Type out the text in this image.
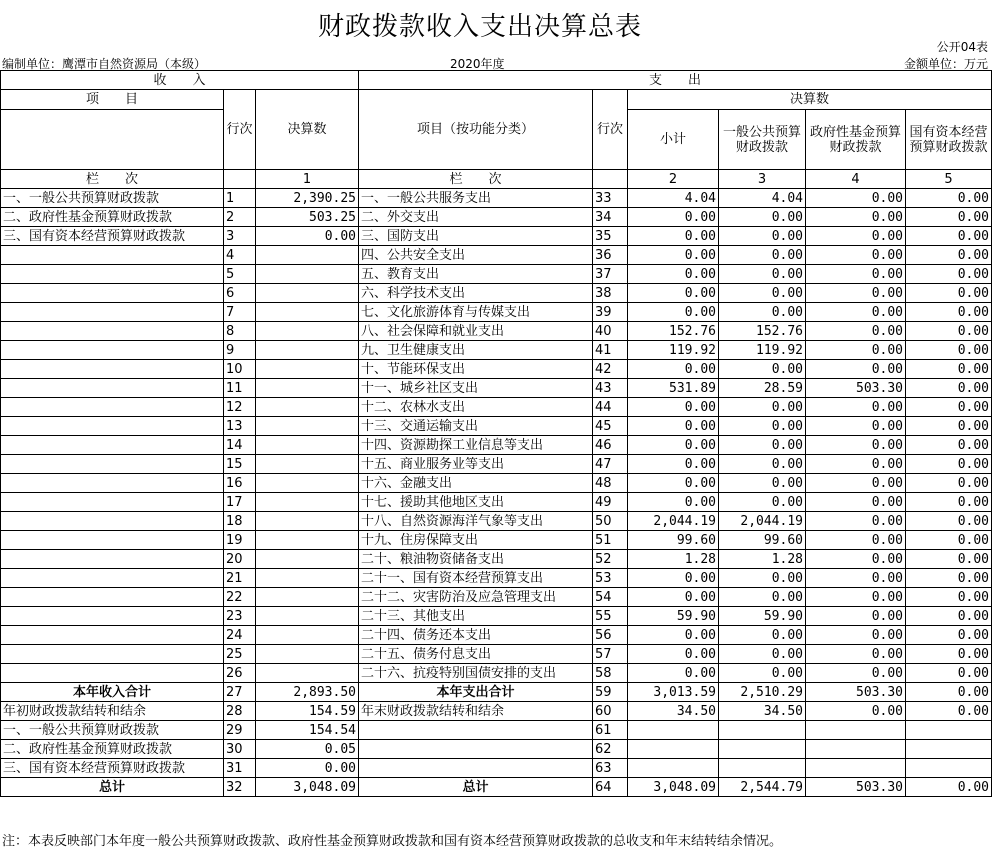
财政拨款收入支出决算总表
公开04表
编制单位：鹰潭市自然资源局（本级）	2020年度	金额单位：万元
收　　入			支　　出					
项　　目	行次	决算数	项目（按功能分类）	行次	决算数			
					小计	一般公共预算财政拨款	政府性基金预算财政拨款	国有资本经营预算财政拨款
栏　　次		1	栏　　次		2	3	4	5
一、一般公共预算财政拨款	1	2,390.25	一、一般公共服务支出	33	4.04	4.04	0.00	0.00
二、政府性基金预算财政拨款	2	503.25	二、外交支出	34	0.00	0.00	0.00	0.00
三、国有资本经营预算财政拨款	3	0.00	三、国防支出	35	0.00	0.00	0.00	0.00
	4		四、公共安全支出	36	0.00	0.00	0.00	0.00
	5		五、教育支出	37	0.00	0.00	0.00	0.00
	6		六、科学技术支出	38	0.00	0.00	0.00	0.00
	7		七、文化旅游体育与传媒支出	39	0.00	0.00	0.00	0.00
	8		八、社会保障和就业支出	40	152.76	152.76	0.00	0.00
	9		九、卫生健康支出	41	119.92	119.92	0.00	0.00
	10		十、节能环保支出	42	0.00	0.00	0.00	0.00
	11		十一、城乡社区支出	43	531.89	28.59	503.30	0.00
	12		十二、农林水支出	44	0.00	0.00	0.00	0.00
	13		十三、交通运输支出	45	0.00	0.00	0.00	0.00
	14		十四、资源勘探工业信息等支出	46	0.00	0.00	0.00	0.00
	15		十五、商业服务业等支出	47	0.00	0.00	0.00	0.00
	16		十六、金融支出	48	0.00	0.00	0.00	0.00
	17		十七、援助其他地区支出	49	0.00	0.00	0.00	0.00
	18		十八、自然资源海洋气象等支出	50	2,044.19	2,044.19	0.00	0.00
	19		十九、住房保障支出	51	99.60	99.60	0.00	0.00
	20		二十、粮油物资储备支出	52	1.28	1.28	0.00	0.00
	21		二十一、国有资本经营预算支出	53	0.00	0.00	0.00	0.00
	22		二十二、灾害防治及应急管理支出	54	0.00	0.00	0.00	0.00
	23		二十三、其他支出	55	59.90	59.90	0.00	0.00
	24		二十四、债务还本支出	56	0.00	0.00	0.00	0.00
	25		二十五、债务付息支出	57	0.00	0.00	0.00	0.00
	26		二十六、抗疫特别国债安排的支出	58	0.00	0.00	0.00	0.00
本年收入合计	27	2,893.50	本年支出合计	59	3,013.59	2,510.29	503.30	0.00
年初财政拨款结转和结余	28	154.59	年末财政拨款结转和结余	60	34.50	34.50	0.00	0.00
一、一般公共预算财政拨款	29	154.54		61				
二、政府性基金预算财政拨款	30	0.05		62				
三、国有资本经营预算财政拨款	31	0.00		63				
总计	32	3,048.09	总计	64	3,048.09	2,544.79	503.30	0.00
注：本表反映部门本年度一般公共预算财政拨款、政府性基金预算财政拨款和国有资本经营预算财政拨款的总收支和年末结转结余情况。
